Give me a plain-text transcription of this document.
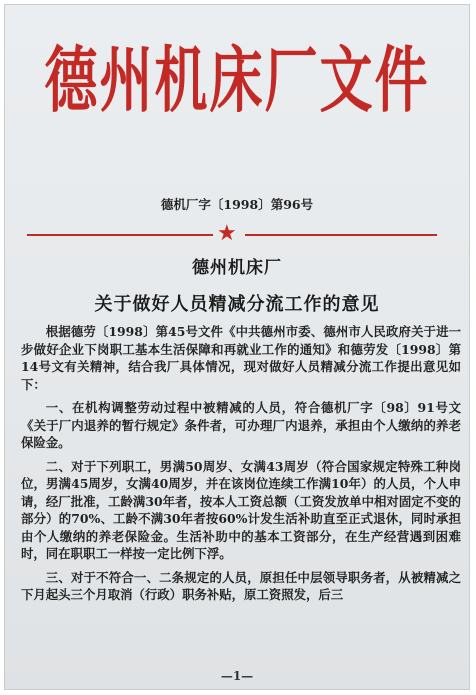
德州机床厂文件
德机厂字〔1998〕第96号
★
德州机床厂
关于做好人员精减分流工作的意见

根据德劳〔1998〕第45号文件《中共德州市委、德州市人民政府关于进一步做好企业下岗职工基本生活保障和再就业工作的通知》和德劳发〔1998〕第14号文有关精神，结合我厂具体情况，现对做好人员精减分流工作提出意见如下：

一、在机构调整劳动过程中被精减的人员，符合德机厂字〔98〕91号文《关于厂内退养的暂行规定》条件者，可办理厂内退养，承担由个人缴纳的养老保险金。

二、对于下列职工，男满50周岁、女满43周岁（符合国家规定特殊工种岗位，男满45周岁，女满40周岁，并在该岗位连续工作满10年）的人员，个人申请，经厂批准，工龄满30年者，按本人工资总额（工资发放单中相对固定不变的部分）的70%、工龄不满30年者按60%计发生活补助直至正式退休，同时承担由个人缴纳的养老保险金。生活补助中的基本工资部分，在生产经营遇到困难时，同在职职工一样按一定比例下浮。

三、对于不符合一、二条规定的人员，原担任中层领导职务者，从被精减之下月起头三个月取消（行政）职务补贴，原工资照发，后三

—1—
